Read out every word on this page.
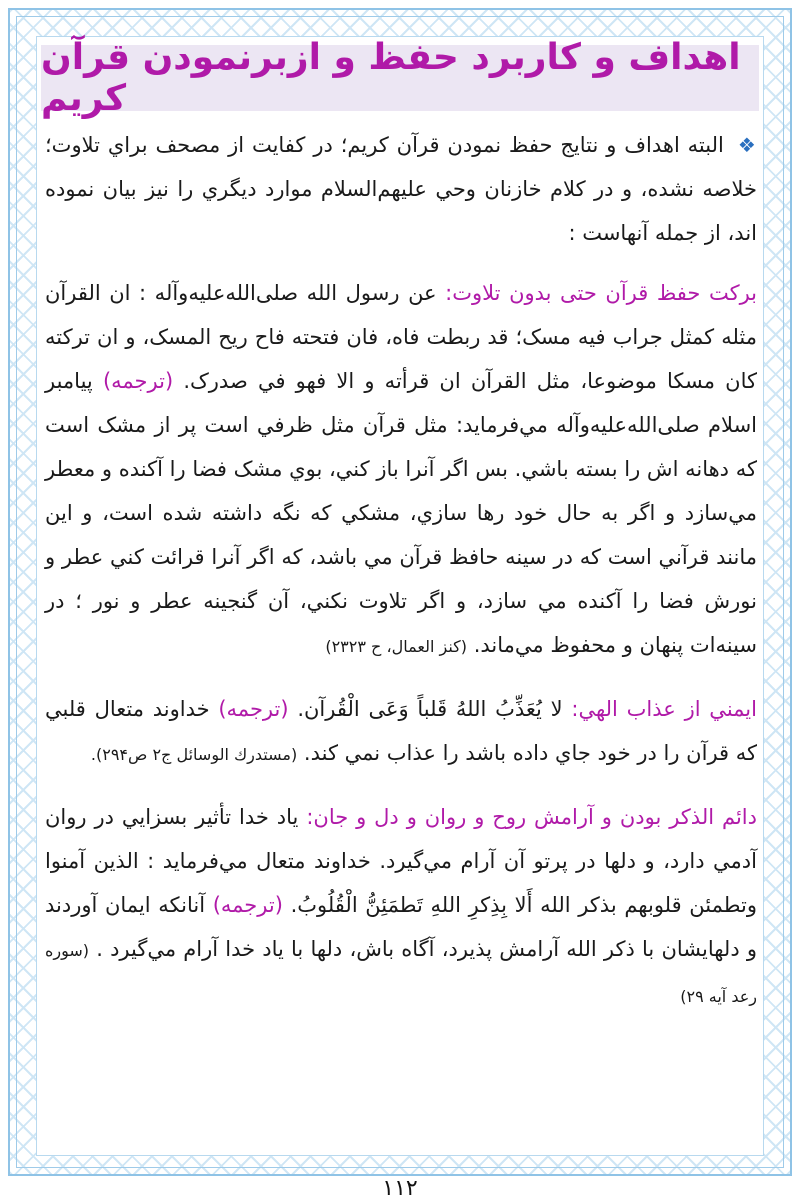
اهداف و کاربرد حفظ و ازبرنمودن قرآن کريم

❖البته اهداف و نتايج حفظ نمودن قرآن کريم؛ در کفايت از مصحف براي تلاوت؛ خلاصه نشده، و در کلام خازنان وحي عليهم‌السلام موارد ديگري را نيز بيان نموده اند، از جمله آنهاست :

برکت حفظ قرآن حتی بدون تلاوت: عن رسول الله صلی‌الله‌علیه‌وآله : ان القرآن مثله کمثل جراب فيه مسک؛ قد ربطت فاه، فان فتحته فاح ريح المسک، و ان ترکته کان مسکا موضوعا، مثل القرآن ان قرأته و الا فهو في صدرک. (ترجمه) پيامبر اسلام صلی‌الله‌علیه‌وآله مي‌فرمايد: مثل قرآن مثل ظرفي است پر از مشک است که دهانه اش را بسته باشي. بس اگر آنرا باز کني، بوي مشک فضا را آکنده و معطر مي‌سازد و اگر به حال خود رها سازي، مشکي که نگه داشته شده است، و اين مانند قرآني است که در سينه حافظ قرآن مي باشد، که اگر آنرا قرائت کني عطر و نورش فضا را آکنده مي سازد، و اگر تلاوت نکني، آن گنجينه عطر و نور ؛ در سينه‌ات پنهان و محفوظ مي‌ماند. (کنز العمال، ح ۲۳۲۳)

ايمني از عذاب الهي: لا يُعَذِّبُ اللهُ قَلباً وَعَی الْقُرآن. (ترجمه) خداوند متعال قلبي که قرآن را در خود جاي داده باشد را عذاب نمي کند. (مستدرك الوسائل ج۲ ص۲۹۴).

دائم الذکر بودن و آرامش روح و روان و دل و جان: ياد خدا تأثير بسزايي در روان آدمي دارد، و دلها در پرتو آن آرام مي‌گيرد. خداوند متعال مي‌فرمايد : الذين آمنوا وتطمئن قلوبهم بذکر الله أَلا بِذِکرِ اللهِ تَطمَئِنُّ الْقُلُوبُ. (ترجمه) آنانکه ايمان آوردند و دلهايشان با ذکر الله آرامش پذيرد، آگاه باش، دلها با ياد خدا آرام مي‌گيرد . (سوره رعد آيه ۲۹)

۱۱۲
